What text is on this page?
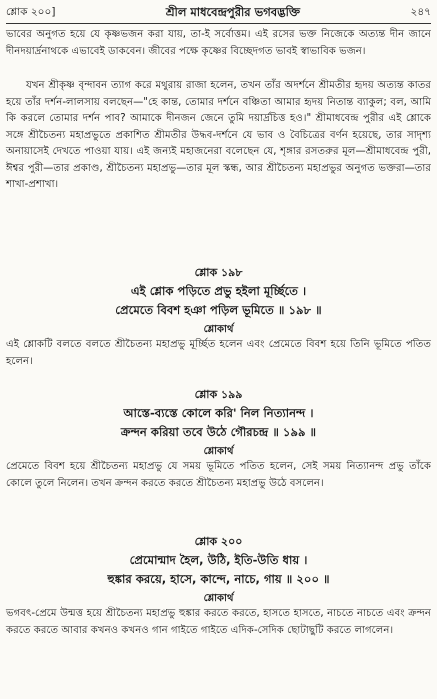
শ্লোক ২০০]	শ্রীল মাধবেন্দ্রপুরীর ভগবদ্ভক্তি	২৪৭

ভাবের অনুগত হয়ে যে কৃষ্ণভজন করা যায়, তা-ই সর্বোত্তম। এই রসের ভক্ত নিজেকে অত্যন্ত দীন জানে দীনদয়ার্দ্রনাথকে এভাবেই ডাকবেন। জীবের পক্ষে কৃষ্ণের বিচ্ছেদগত ভাবই স্বাভাবিক ভজন।

যখন শ্রীকৃষ্ণ বৃন্দাবন ত্যাগ করে মথুরায় রাজা হলেন, তখন তাঁর অদর্শনে শ্রীমতীর হৃদয় অত্যন্ত কাতর হয়ে তাঁর দর্শন-লালসায় বলছেন—"হে কান্ত, তোমার দর্শনে বঞ্চিতা আমার হৃদয় নিতান্ত ব্যাকুল; বল, আমি কি করলে তোমার দর্শন পাব? আমাকে দীনজন জেনে তুমি দয়ার্দ্রচিত্ত হও।" শ্রীমাধবেন্দ্র পুরীর এই শ্লোকে সঙ্গে শ্রীচৈতন্য মহাপ্রভুতে প্রকাশিত শ্রীমতীর উদ্ধব-দর্শনে যে ভাব ও বৈচিত্রের বর্ণন হয়েছে, তার সাদৃশ্য অনায়াসেই দেখতে পাওয়া যায়। এই জন্যই মহাজনেরা বলেছেন যে, শৃঙ্গার রসতরুর মূল—শ্রীমাধবেন্দ্র পুরী, ঈশ্বর পুরী—তার প্রকাণ্ড, শ্রীচৈতন্য মহাপ্রভু—তার মূল স্কন্ধ, আর শ্রীচৈতন্য মহাপ্রভুর অনুগত ভক্তরা—তার শাখা-প্রশাখা।

শ্লোক ১৯৮
এই শ্লোক পড়িতে প্রভু হইলা মূর্চ্ছিতে ।
প্রেমেতে বিবশ হঞা পড়িল ভূমিতে ॥ ১৯৮ ॥
শ্লোকার্থ

এই শ্লোকটি বলতে বলতে শ্রীচৈতন্য মহাপ্রভু মূর্চ্ছিত হলেন এবং প্রেমেতে বিবশ হয়ে তিনি ভূমিতে পতিত হলেন।

শ্লোক ১৯৯
আস্তে-ব্যস্তে কোলে করি' নিল নিত্যানন্দ ।
ক্রন্দন করিয়া তবে উঠে গৌরচন্দ্র ॥ ১৯৯ ॥
শ্লোকার্থ

প্রেমেতে বিবশ হয়ে শ্রীচৈতন্য মহাপ্রভু যে সময় ভূমিতে পতিত হলেন, সেই সময় নিত্যানন্দ প্রভু তাঁকে কোলে তুলে নিলেন। তখন ক্রন্দন করতে করতে শ্রীচৈতন্য মহাপ্রভু উঠে বসলেন।

শ্লোক ২০০
প্রেমোন্মাদ হৈল, উঠি, ইতি-উতি ধায় ।
হুঙ্কার করয়ে, হাসে, কান্দে, নাচে, গায় ॥ ২০০ ॥
শ্লোকার্থ

ভগবৎ-প্রেমে উন্মত্ত হয়ে শ্রীচৈতন্য মহাপ্রভু হুঙ্কার করতে করতে, হাসতে হাসতে, নাচতে নাচতে এবং ক্রন্দন করতে করতে আবার কখনও কখনও গান গাইতে গাইতে এদিক-সেদিক ছোটাছুটি করতে লাগলেন।
